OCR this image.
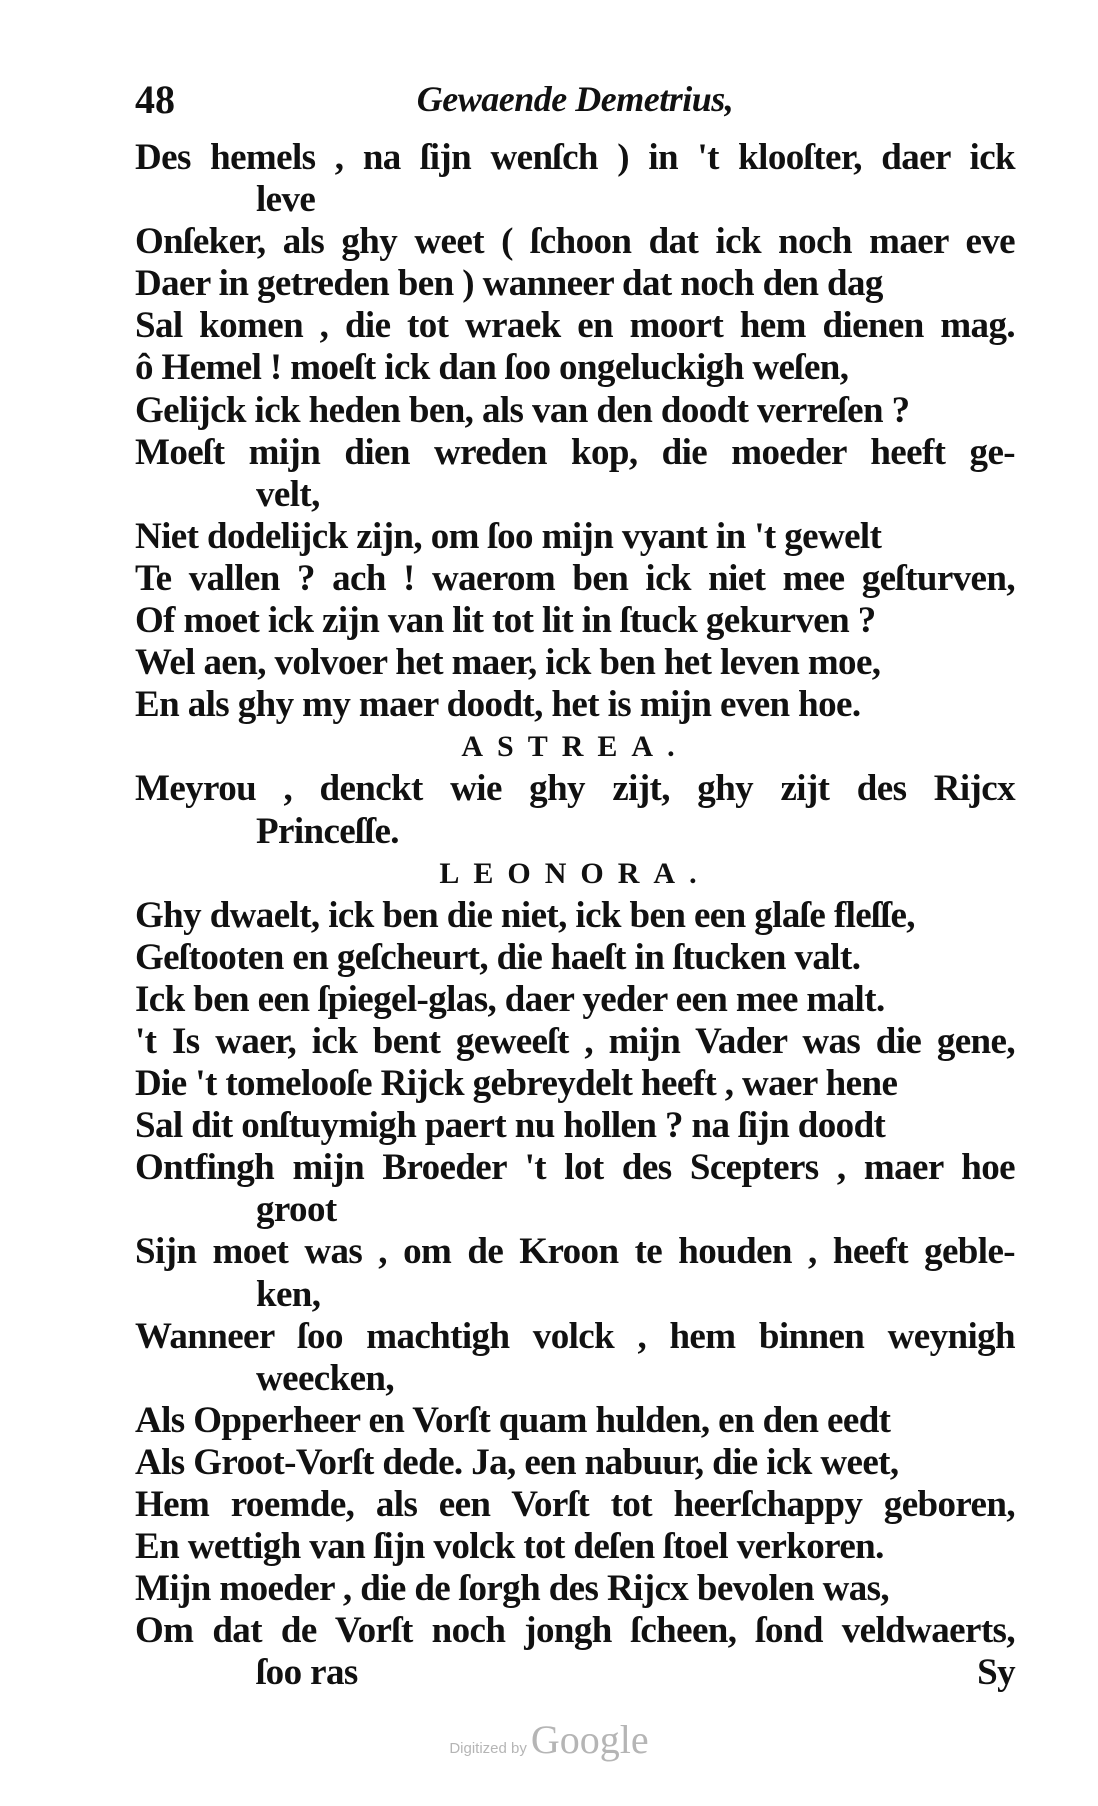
48	Gewaende Demetrius,
Des hemels , na ſijn wenſch ) in 't klooſter, daer ick
leve
Onſeker, als ghy weet ( ſchoon dat ick noch maer eve
Daer in getreden ben ) wanneer dat noch den dag
Sal komen , die tot wraek en moort hem dienen mag.
ô Hemel ! moeſt ick dan ſoo ongeluckigh weſen,
Gelijck ick heden ben, als van den doodt verreſen ?
Moeſt mijn dien wreden kop, die moeder heeft ge-
velt,
Niet dodelijck zijn, om ſoo mijn vyant in 't gewelt
Te vallen ? ach ! waerom ben ick niet mee geſturven,
Of moet ick zijn van lit tot lit in ſtuck gekurven ?
Wel aen, volvoer het maer, ick ben het leven moe,
En als ghy my maer doodt, het is mijn even hoe.
ASTREA.
Meyrou , denckt wie ghy zijt, ghy zijt des Rijcx
Princeſſe.
LEONORA.
Ghy dwaelt, ick ben die niet, ick ben een glaſe fleſſe,
Geſtooten en geſcheurt, die haeſt in ſtucken valt.
Ick ben een ſpiegel-glas, daer yeder een mee malt.
't Is waer, ick bent geweeſt , mijn Vader was die gene,
Die 't tomelooſe Rijck gebreydelt heeft , waer hene
Sal dit onſtuymigh paert nu hollen ? na ſijn doodt
Ontfingh mijn Broeder 't lot des Scepters , maer hoe
groot
Sijn moet was , om de Kroon te houden , heeft geble-
ken,
Wanneer ſoo machtigh volck , hem binnen weynigh
weecken,
Als Opperheer en Vorſt quam hulden, en den eedt
Als Groot-Vorſt dede. Ja, een nabuur, die ick weet,
Hem roemde, als een Vorſt tot heerſchappy geboren,
En wettigh van ſijn volck tot deſen ſtoel verkoren.
Mijn moeder , die de ſorgh des Rijcx bevolen was,
Om dat de Vorſt noch jongh ſcheen, ſond veldwaerts,
ſoo ras	Sy
Digitized by Google
